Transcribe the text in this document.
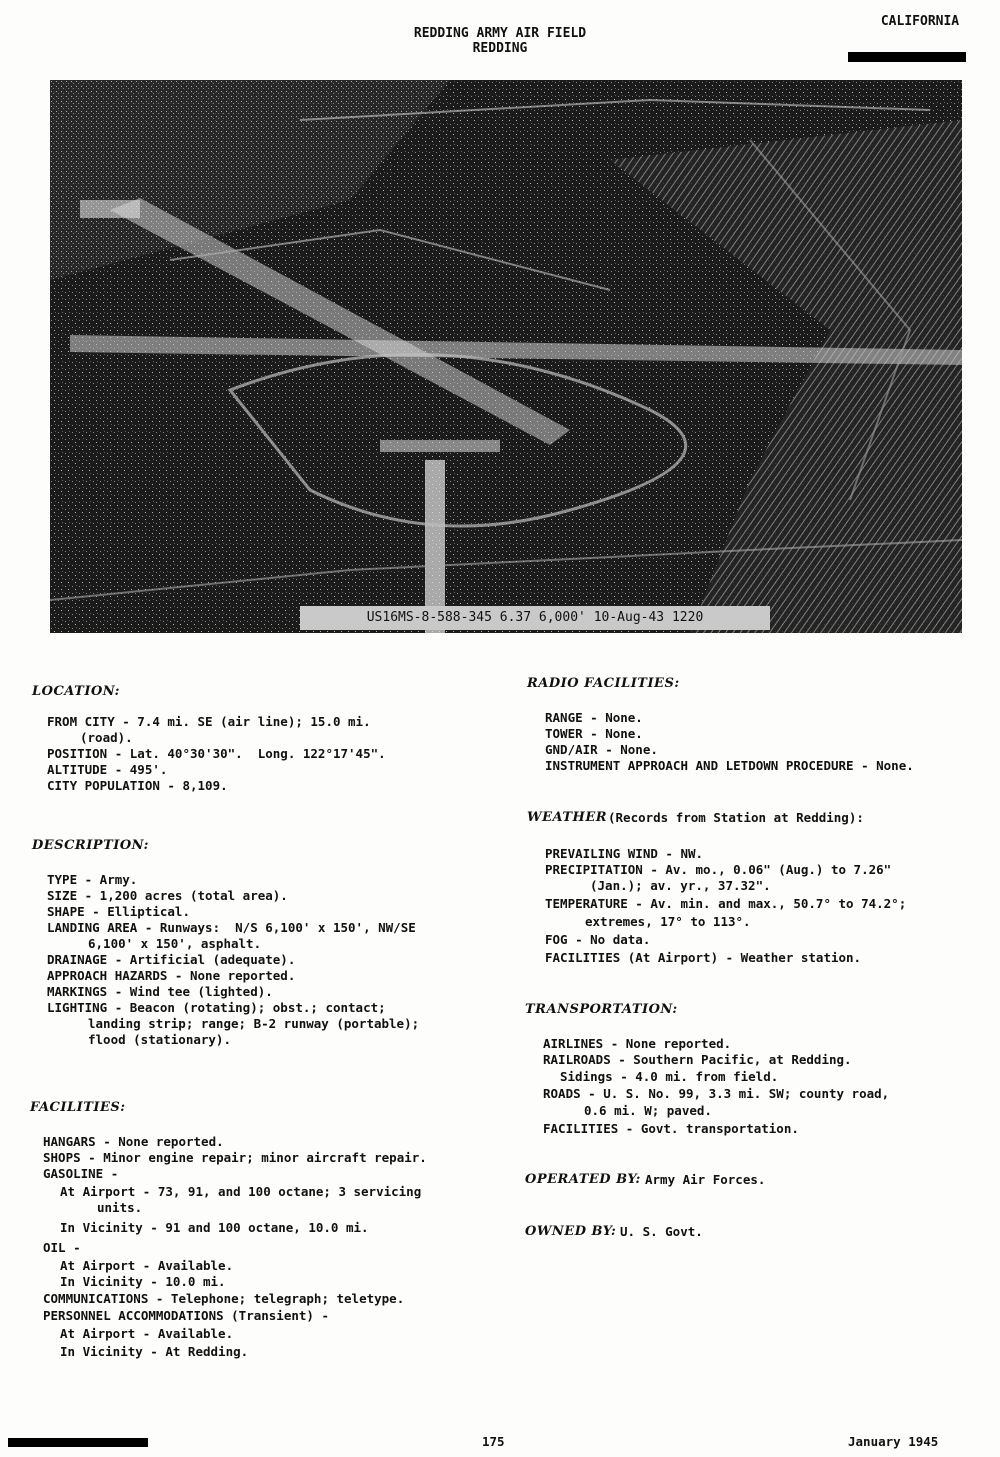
REDDING ARMY AIR FIELD
REDDING
CALIFORNIA
US16MS-8-588-345 6.37 6,000' 10-Aug-43 1220
LOCATION:
FROM CITY - 7.4 mi. SE (air line); 15.0 mi.
(road).
POSITION - Lat. 40°30'30".  Long. 122°17'45".
ALTITUDE - 495'.
CITY POPULATION - 8,109.
DESCRIPTION:
TYPE - Army.
SIZE - 1,200 acres (total area).
SHAPE - Elliptical.
LANDING AREA - Runways:  N/S 6,100' x 150', NW/SE
6,100' x 150', asphalt.
DRAINAGE - Artificial (adequate).
APPROACH HAZARDS - None reported.
MARKINGS - Wind tee (lighted).
LIGHTING - Beacon (rotating); obst.; contact;
landing strip; range; B-2 runway (portable);
flood (stationary).
FACILITIES:
HANGARS - None reported.
SHOPS - Minor engine repair; minor aircraft repair.
GASOLINE -
At Airport - 73, 91, and 100 octane; 3 servicing
units.
In Vicinity - 91 and 100 octane, 10.0 mi.
OIL -
At Airport - Available.
In Vicinity - 10.0 mi.
COMMUNICATIONS - Telephone; telegraph; teletype.
PERSONNEL ACCOMMODATIONS (Transient) -
At Airport - Available.
In Vicinity - At Redding.
RADIO FACILITIES:
RANGE - None.
TOWER - None.
GND/AIR - None.
INSTRUMENT APPROACH AND LETDOWN PROCEDURE - None.
WEATHER (Records from Station at Redding):
PREVAILING WIND - NW.
PRECIPITATION - Av. mo., 0.06" (Aug.) to 7.26"
(Jan.); av. yr., 37.32".
TEMPERATURE - Av. min. and max., 50.7° to 74.2°;
extremes, 17° to 113°.
FOG - No data.
FACILITIES (At Airport) - Weather station.
TRANSPORTATION:
AIRLINES - None reported.
RAILROADS - Southern Pacific, at Redding.
Sidings - 4.0 mi. from field.
ROADS - U. S. No. 99, 3.3 mi. SW; county road,
0.6 mi. W; paved.
FACILITIES - Govt. transportation.
OPERATED BY: Army Air Forces.
OWNED BY: U. S. Govt.
175	January 1945
